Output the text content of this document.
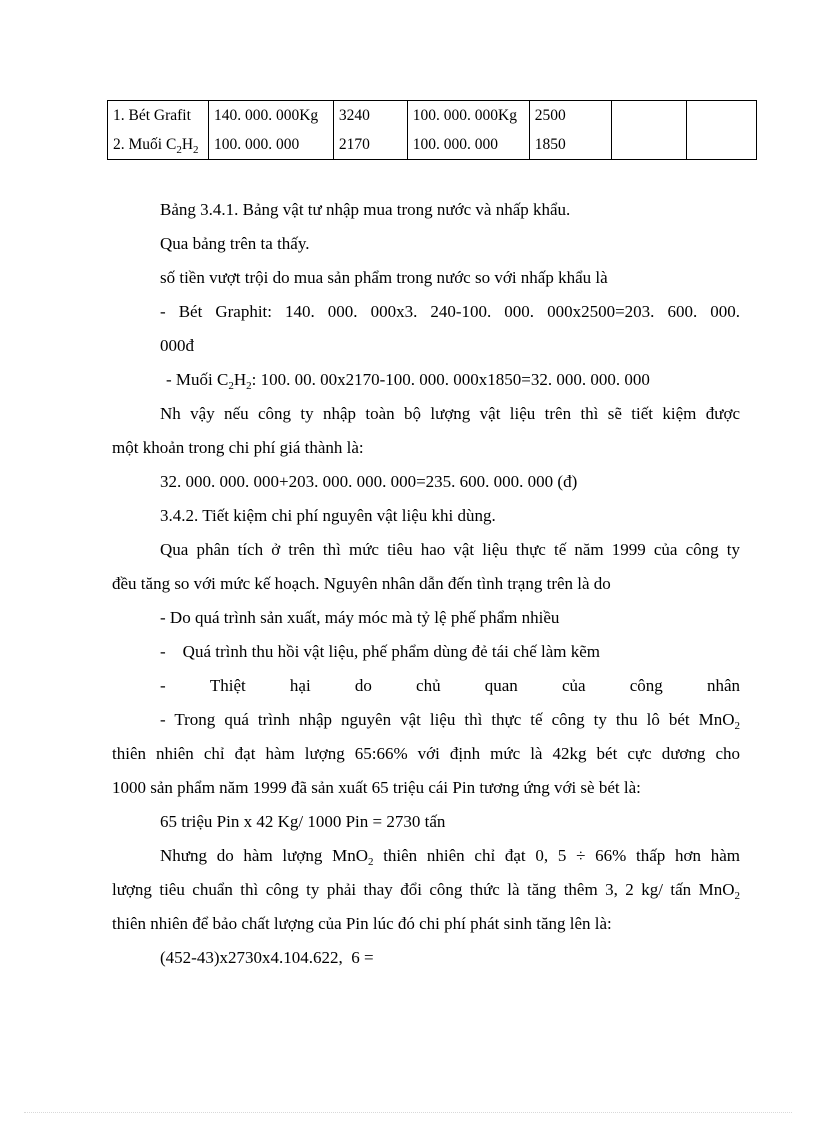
1. Bét Grafit	140. 000. 000Kg	3240	100. 000. 000Kg	2500		
2. Muối $C_2H_2$	100. 000. 000	2170	100. 000. 000	1850		
Bảng 3.4.1. Bảng vật tư nhập mua trong nước và nhấp khẩu.
Qua bảng trên ta thấy.
số tiền vượt trội do mua sản phẩm trong nước so với nhấp khẩu là
- Bét Graphit: 140. 000. 000x3. 240-100. 000. 000x2500=203. 600. 000.
000đ
- Muối $C_2H_2$: 100. 00. 00x2170-100. 000. 000x1850=32. 000. 000. 000
Nh vậy nếu công ty nhập toàn bộ lượng vật liệu trên thì sẽ tiết kiệm được
một khoản trong chi phí giá thành là:
32. 000. 000. 000+203. 000. 000. 000=235. 600. 000. 000 (đ)
3.4.2. Tiết kiệm chi phí nguyên vật liệu khi dùng.
Qua phân tích ở trên thì mức tiêu hao vật liệu thực tế năm 1999 của công ty
đều tăng so với mức kế hoạch. Nguyên nhân dẫn đến tình trạng trên là do
- Do quá trình sản xuất, máy móc mà tỷ lệ phế phẩm nhiều
-    Quá trình thu hồi vật liệu, phế phẩm dùng đẻ tái chế làm kẽm
-	Thiệt	hại	do	chủ	quan	của	công	nhân
- Trong quá trình nhập nguyên vật liệu thì thực tế công ty thu lô bét MnO$_2$
thiên nhiên chỉ đạt hàm lượng 65:66% với định mức là 42kg bét cực dương cho
1000 sản phẩm năm 1999 đã sản xuất 65 triệu cái Pin tương ứng với sè bét là:
65 triệu Pin x 42 Kg/ 1000 Pin = 2730 tấn
Nhưng do hàm lượng MnO$_2$ thiên nhiên chỉ đạt 0, 5 ÷ 66% thấp hơn hàm
lượng tiêu chuẩn thì công ty phải thay đổi công thức là tăng thêm 3, 2 kg/ tấn MnO$_2$
thiên nhiên để bảo chất lượng của Pin lúc đó chi phí phát sinh tăng lên là:
(452-43)x2730x4.104.622,  6 =
